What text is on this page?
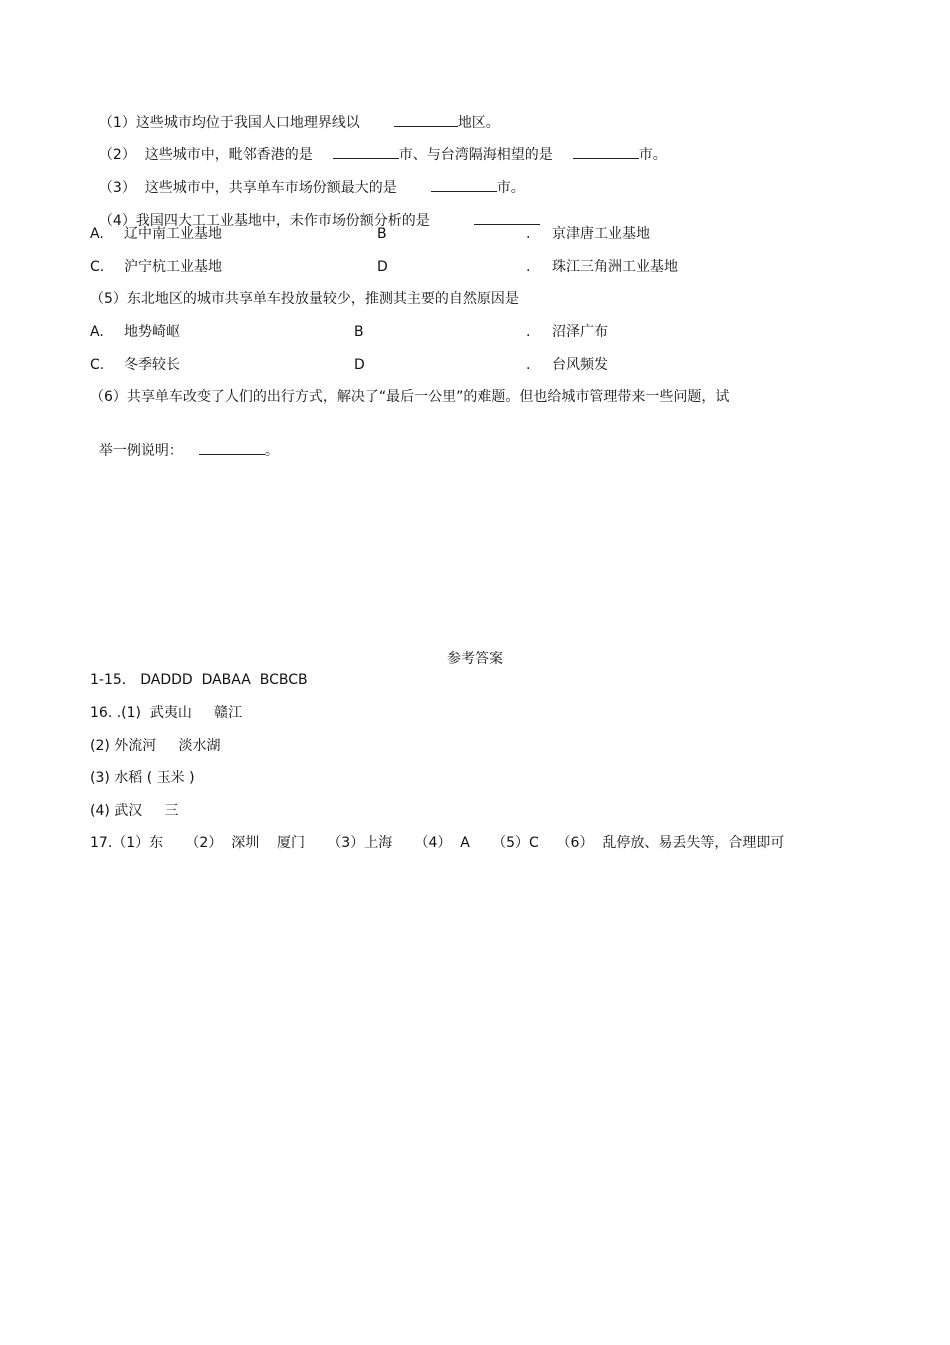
（1）这些城市均位于我国人口地理界线以	地区。

（2）  这些城市中，毗邻香港的是	市、与台湾隔海相望的是	市。

（3）  这些城市中，共享单车市场份额最大的是	市。

（4）我国四大工工业基地中，未作市场份额分析的是

A. 辽中南工业基地	B	. 京津唐工业基地
C. 沪宁杭工业基地	D	. 珠江三角洲工业基地
（5）东北地区的城市共享单车投放量较少，推测其主要的自然原因是
A. 地势崎岖	B	. 沼泽广布
C. 冬季较长	D	. 台风频发
（6）共享单车改变了人们的出行方式，解决了“最后一公里”的难题。但也给城市管理带来一些问题，试

举一例说明：	。

参考答案
1-15． DADDD  DABAA  BCBCB
16. .(1)  武夷山     赣江
(2) 外流河     淡水湖
(3) 水稻 ( 玉米 )
(4) 武汉     三
17.（1）东     （2）  深圳    厦门     （3）上海     （4）  A     （5）C    （6）  乱停放、易丢失等，合理即可
